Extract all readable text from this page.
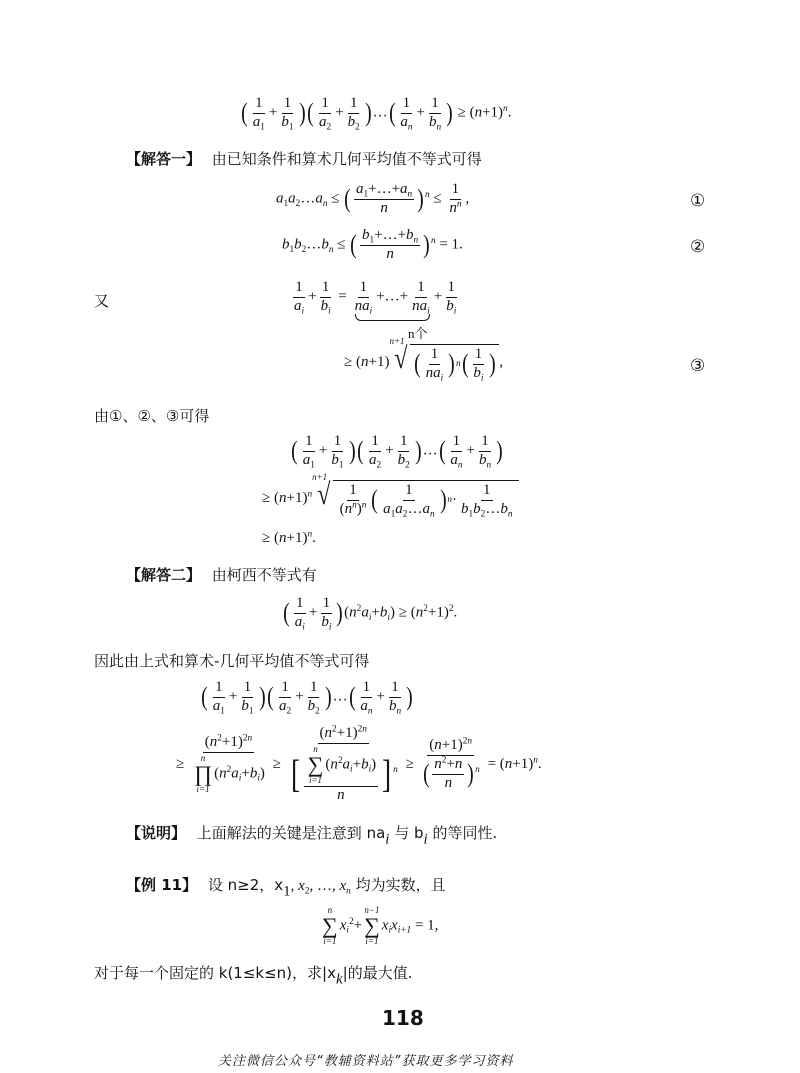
( $\frac{1}{a_1} + \frac{1}{b_1}$ )( $\frac{1}{a_2} + \frac{1}{b_2}$ )…( $\frac{1}{a_n} + \frac{1}{b_n}$ ) ≥ $(n+1)^n$.
【解答一】 由已知条件和算术几何平均值不等式可得
$a_1a_2\dots a_n$ ≤ ( $\frac{a_1+\dots+a_n}{n} )^n \le \frac{1}{n^n}$ ,	①
$b_1b_2\dots b_n$ ≤ ( $\frac{b_1+\dots+b_n}{n} )^n = 1$.	②
又	$\frac{1}{a_i} + \frac{1}{b_i} = \frac{1}{na_i}$ +…+ $\frac{1}{na_i} + \frac{1}{b_i}$
n个
≥ (n+1)
n+1
√ ( $\frac{1}{na_i}$ ) n ( $\frac{1}{b_i}$ ) ,	③
由①、②、③可得
( $\frac{1}{a_1} + \frac{1}{b_1}$ )( $\frac{1}{a_2} + \frac{1}{b_2}$ )…( $\frac{1}{a_n} + \frac{1}{b_n}$ )
≥ $(n+1)^n$
n+1
√ $\frac{1}{(n^n)^n}$ ( $\frac{1}{a_1a_2\dots a_n}$ ) $n \cdot \frac{1}{b_1b_2\dots b_n}$
≥ $(n+1)^n$.
【解答二】 由柯西不等式有
( $\frac{1}{a_i} + \frac{1}{b_i} )(n^2a_i+b_i) \ge (n^2+1)^2$.
因此由上式和算术-几何平均值不等式可得
( $\frac{1}{a_1} + \frac{1}{b_1}$ )( $\frac{1}{a_2} + \frac{1}{b_2}$ )…( $\frac{1}{a_n} + \frac{1}{b_n}$ )
≥ $(n^2+1)^{2n}$
n
∏
i=1
$(n^2a_i+b_i) \ge (n^2+1)^{2n}$
[ n
∑
i=1
$(n^2a_i+b_i)$
n ] $^n \ge \frac{(n+1)^{2n}}{( \frac{n^2+n}{n} )^n} = (n+1)^n$.
【说明】 上面解法的关键是注意到 $na_i$ 与 $b_i$ 的等同性.
【例 11】 设 n≥2，$x_1$, $x_2$, …, $x_n$ 均为实数，且
n
∑
i=1
$x_i^2+$
n−1
∑
i=1
$x_ix_{i+1} = 1$,
对于每一个固定的 k(1≤k≤n)，求$|x_k|$的最大值.
118
关注微信公众号“教辅资料站”获取更多学习资料
